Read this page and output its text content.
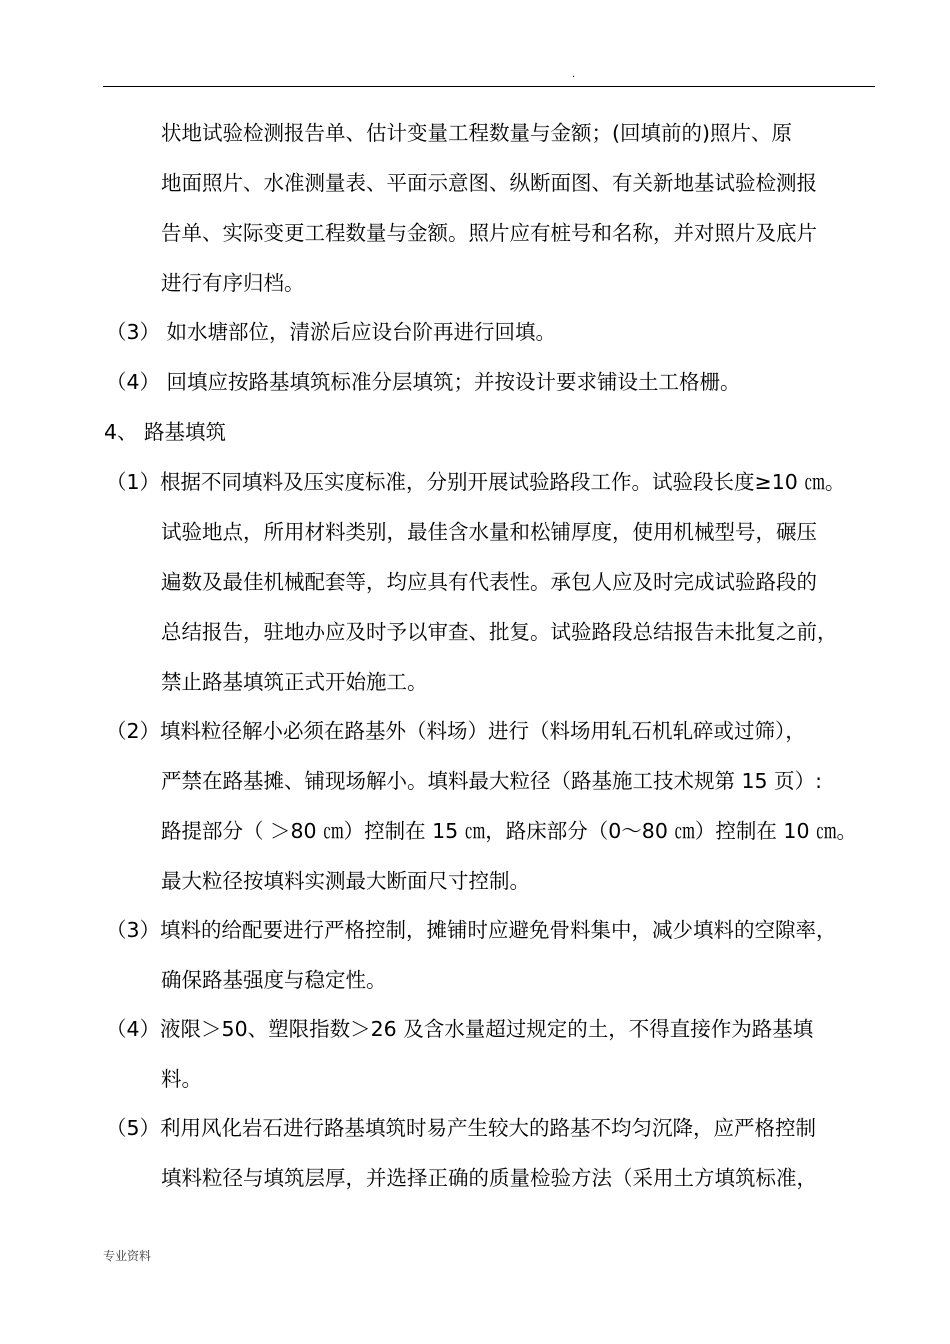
.
状地试验检测报告单、估计变量工程数量与金额；(回填前的)照片、原
地面照片、水准测量表、平面示意图、纵断面图、有关新地基试验检测报
告单、实际变更工程数量与金额。照片应有桩号和名称，并对照片及底片
进行有序归档。
（3） 如水塘部位，清淤后应设台阶再进行回填。
（4） 回填应按路基填筑标准分层填筑；并按设计要求铺设土工格栅。
4、 路基填筑
（1）根据不同填料及压实度标准，分别开展试验路段工作。试验段长度≥10 ㎝。
试验地点，所用材料类别，最佳含水量和松铺厚度，使用机械型号，碾压
遍数及最佳机械配套等，均应具有代表性。承包人应及时完成试验路段的
总结报告，驻地办应及时予以审查、批复。试验路段总结报告未批复之前，
禁止路基填筑正式开始施工。
（2）填料粒径解小必须在路基外（料场）进行（料场用轧石机轧碎或过筛），
严禁在路基摊、铺现场解小。填料最大粒径（路基施工技术规第 15 页）:
路提部分（ ＞80 ㎝）控制在 15 ㎝，路床部分（0～80 ㎝）控制在 10 ㎝。
最大粒径按填料实测最大断面尺寸控制。
（3）填料的给配要进行严格控制，摊铺时应避免骨料集中，减少填料的空隙率，
确保路基强度与稳定性。
（4）液限＞50、塑限指数＞26 及含水量超过规定的土，不得直接作为路基填
料。
（5）利用风化岩石进行路基填筑时易产生较大的路基不均匀沉降，应严格控制
填料粒径与填筑层厚，并选择正确的质量检验方法（采用土方填筑标准，
专业资料
